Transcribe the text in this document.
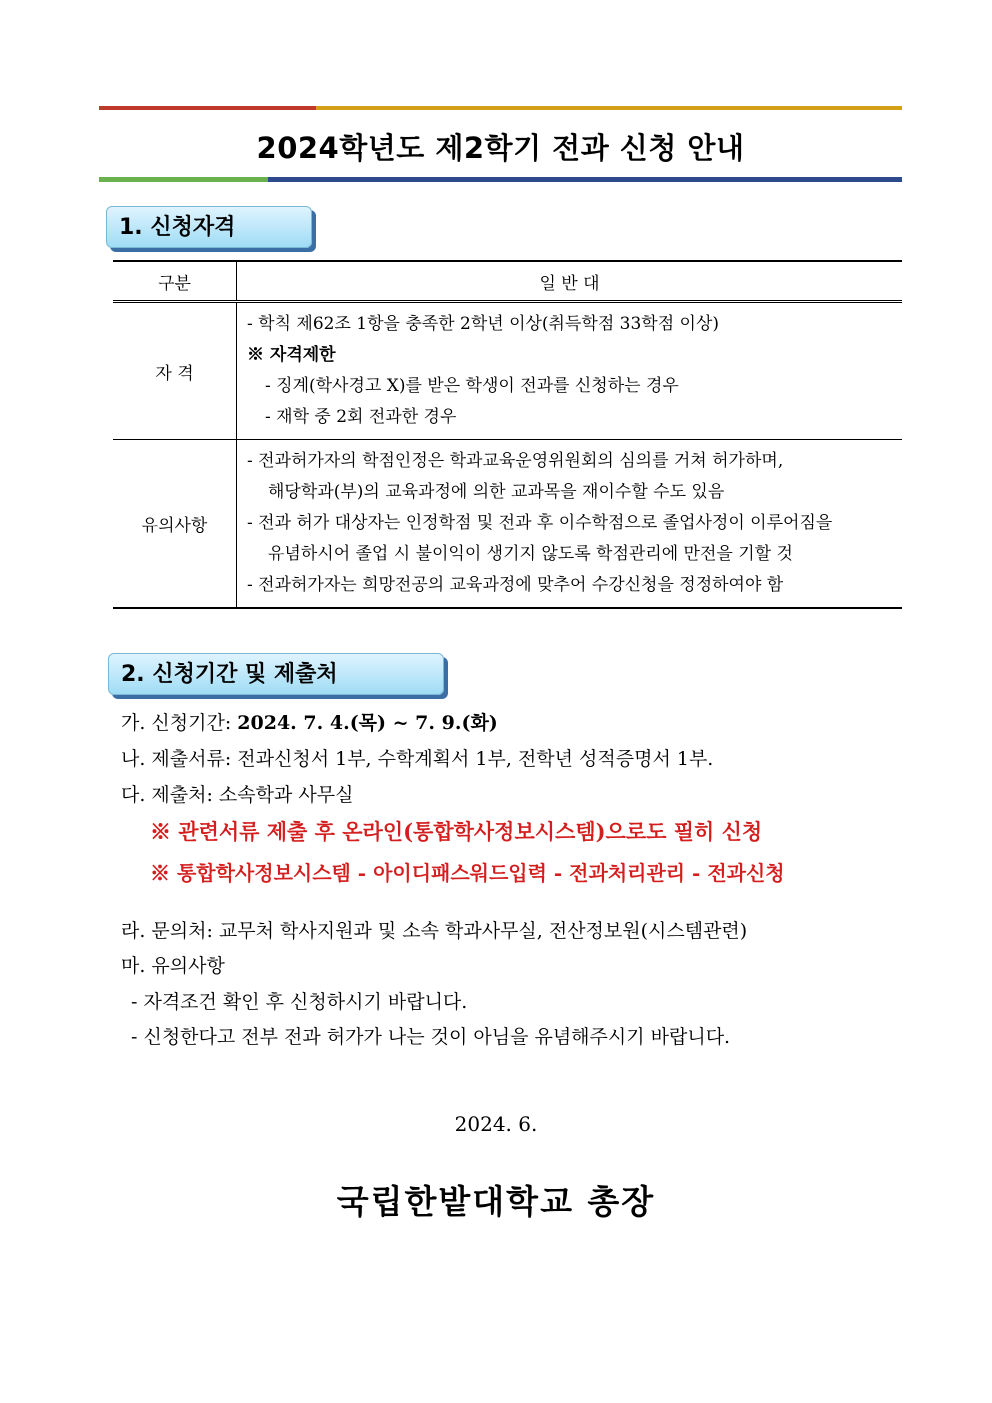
2024학년도 제2학기 전과 신청 안내
1. 신청자격
구분	일 반 대
자 격	- 학칙 제62조 1항을 충족한 2학년 이상(취득학점 33학점 이상)
※ 자격제한
- 징계(학사경고 X)를 받은 학생이 전과를 신청하는 경우
- 재학 중 2회 전과한 경우

유의사항	- 전과허가자의 학점인정은 학과교육운영위원회의 심의를 거쳐 허가하며,
해당학과(부)의 교육과정에 의한 교과목을 재이수할 수도 있음
- 전과 허가 대상자는 인정학점 및 전과 후 이수학점으로 졸업사정이 이루어짐을
유념하시어 졸업 시 불이익이 생기지 않도록 학점관리에 만전을 기할 것
- 전과허가자는 희망전공의 교육과정에 맞추어 수강신청을 정정하여야 함
2. 신청기간 및 제출처
가. 신청기간: 2024. 7. 4.(목) ~ 7. 9.(화)
나. 제출서류: 전과신청서 1부, 수학계획서 1부, 전학년 성적증명서 1부.
다. 제출처: 소속학과 사무실
※ 관련서류 제출 후 온라인(통합학사정보시스템)으로도 필히 신청
※ 통합학사정보시스템 - 아이디패스워드입력 - 전과처리관리 - 전과신청
라. 문의처: 교무처 학사지원과 및 소속 학과사무실, 전산정보원(시스템관련)
마. 유의사항
- 자격조건 확인 후 신청하시기 바랍니다.
- 신청한다고 전부 전과 허가가 나는 것이 아님을 유념해주시기 바랍니다.
2024. 6.
국립한밭대학교 총장
